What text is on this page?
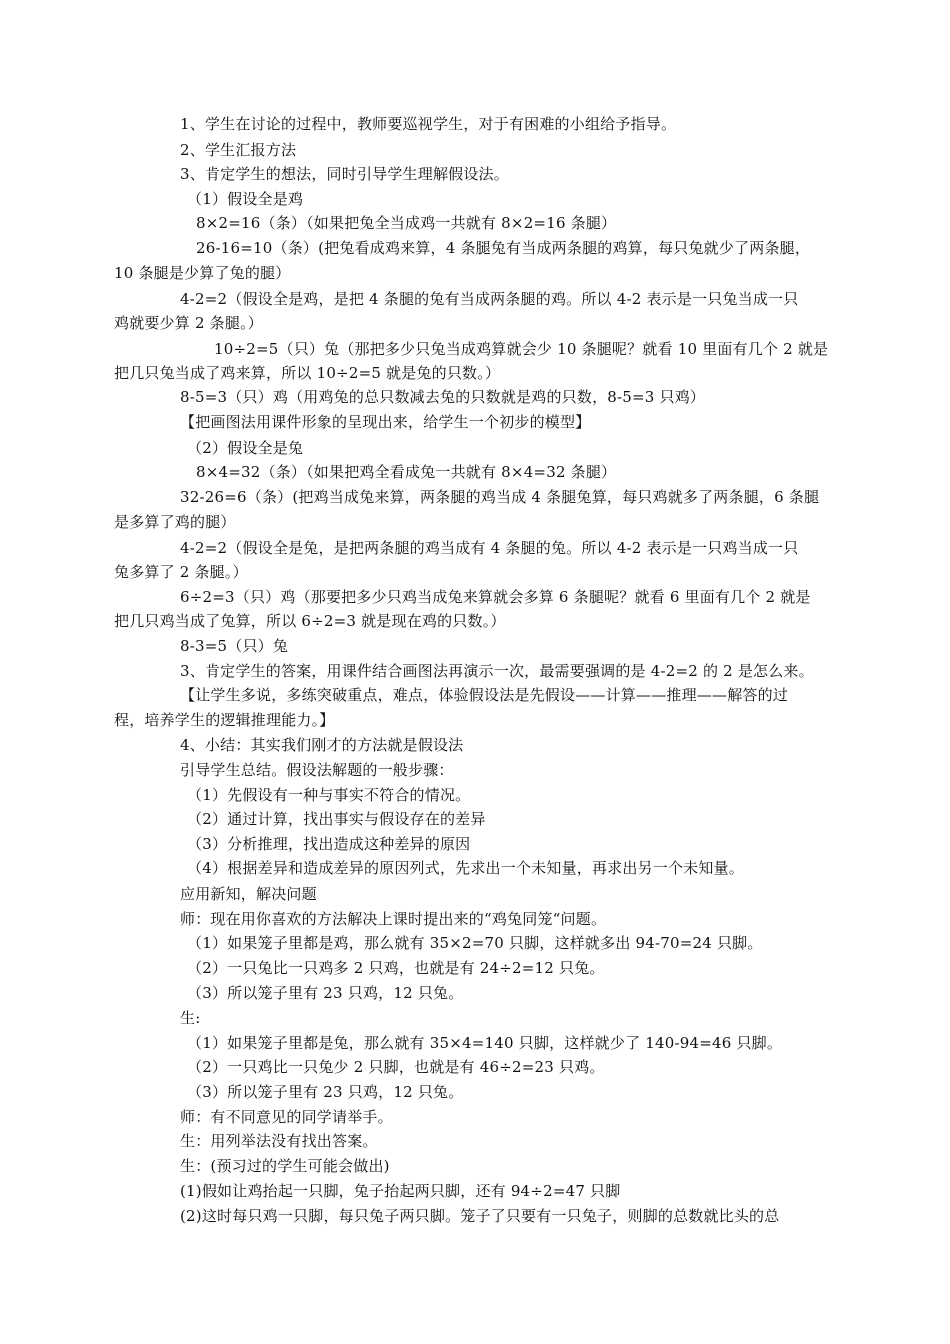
1、学生在讨论的过程中，教师要巡视学生，对于有困难的小组给予指导。
2、学生汇报方法
3、肯定学生的想法，同时引导学生理解假设法。
（1）假设全是鸡
8×2=16（条）（如果把兔全当成鸡一共就有 8×2=16 条腿）
26-16=10（条）(把兔看成鸡来算，4 条腿兔有当成两条腿的鸡算，每只兔就少了两条腿，
10 条腿是少算了兔的腿）
4-2=2（假设全是鸡，是把 4 条腿的兔有当成两条腿的鸡。所以 4-2 表示是一只兔当成一只
鸡就要少算 2 条腿。）
10÷2=5（只）兔（那把多少只兔当成鸡算就会少 10 条腿呢？就看 10 里面有几个 2 就是
把几只兔当成了鸡来算，所以 10÷2=5 就是兔的只数。）
8-5=3（只）鸡（用鸡兔的总只数减去兔的只数就是鸡的只数，8-5=3 只鸡）
【把画图法用课件形象的呈现出来，给学生一个初步的模型】
（2）假设全是兔
8×4=32（条）（如果把鸡全看成兔一共就有 8×4=32 条腿）
32-26=6（条）(把鸡当成兔来算，两条腿的鸡当成 4 条腿兔算，每只鸡就多了两条腿，6 条腿
是多算了鸡的腿）
4-2=2（假设全是兔，是把两条腿的鸡当成有 4 条腿的兔。所以 4-2 表示是一只鸡当成一只
兔多算了 2 条腿。）
6÷2=3（只）鸡（那要把多少只鸡当成兔来算就会多算 6 条腿呢？就看 6 里面有几个 2 就是
把几只鸡当成了兔算，所以 6÷2=3 就是现在鸡的只数。）
8-3=5（只）兔
3、肯定学生的答案，用课件结合画图法再演示一次，最需要强调的是 4-2=2 的 2 是怎么来。
【让学生多说，多练突破重点，难点，体验假设法是先假设——计算——推理——解答的过
程，培养学生的逻辑推理能力。】
4、小结：其实我们刚才的方法就是假设法
引导学生总结。假设法解题的一般步骤：
（1）先假设有一种与事实不符合的情况。
（2）通过计算，找出事实与假设存在的差异
（3）分析推理，找出造成这种差异的原因
（4）根据差异和造成差异的原因列式，先求出一个未知量，再求出另一个未知量。
应用新知，解决问题
师：现在用你喜欢的方法解决上课时提出来的“鸡兔同笼“问题。
（1）如果笼子里都是鸡，那么就有 35×2=70 只脚，这样就多出 94-70=24 只脚。
（2）一只兔比一只鸡多 2 只鸡，也就是有 24÷2=12 只兔。
（3）所以笼子里有 23 只鸡，12 只兔。
生:
（1）如果笼子里都是兔，那么就有 35×4=140 只脚，这样就少了 140-94=46 只脚。
（2）一只鸡比一只兔少 2 只脚，也就是有 46÷2=23 只鸡。
（3）所以笼子里有 23 只鸡，12 只兔。
师：有不同意见的同学请举手。
生：用列举法没有找出答案。
生：(预习过的学生可能会做出)
(1)假如让鸡抬起一只脚，兔子抬起两只脚，还有 94÷2=47 只脚
(2)这时每只鸡一只脚，每只兔子两只脚。笼子了只要有一只兔子，则脚的总数就比头的总
